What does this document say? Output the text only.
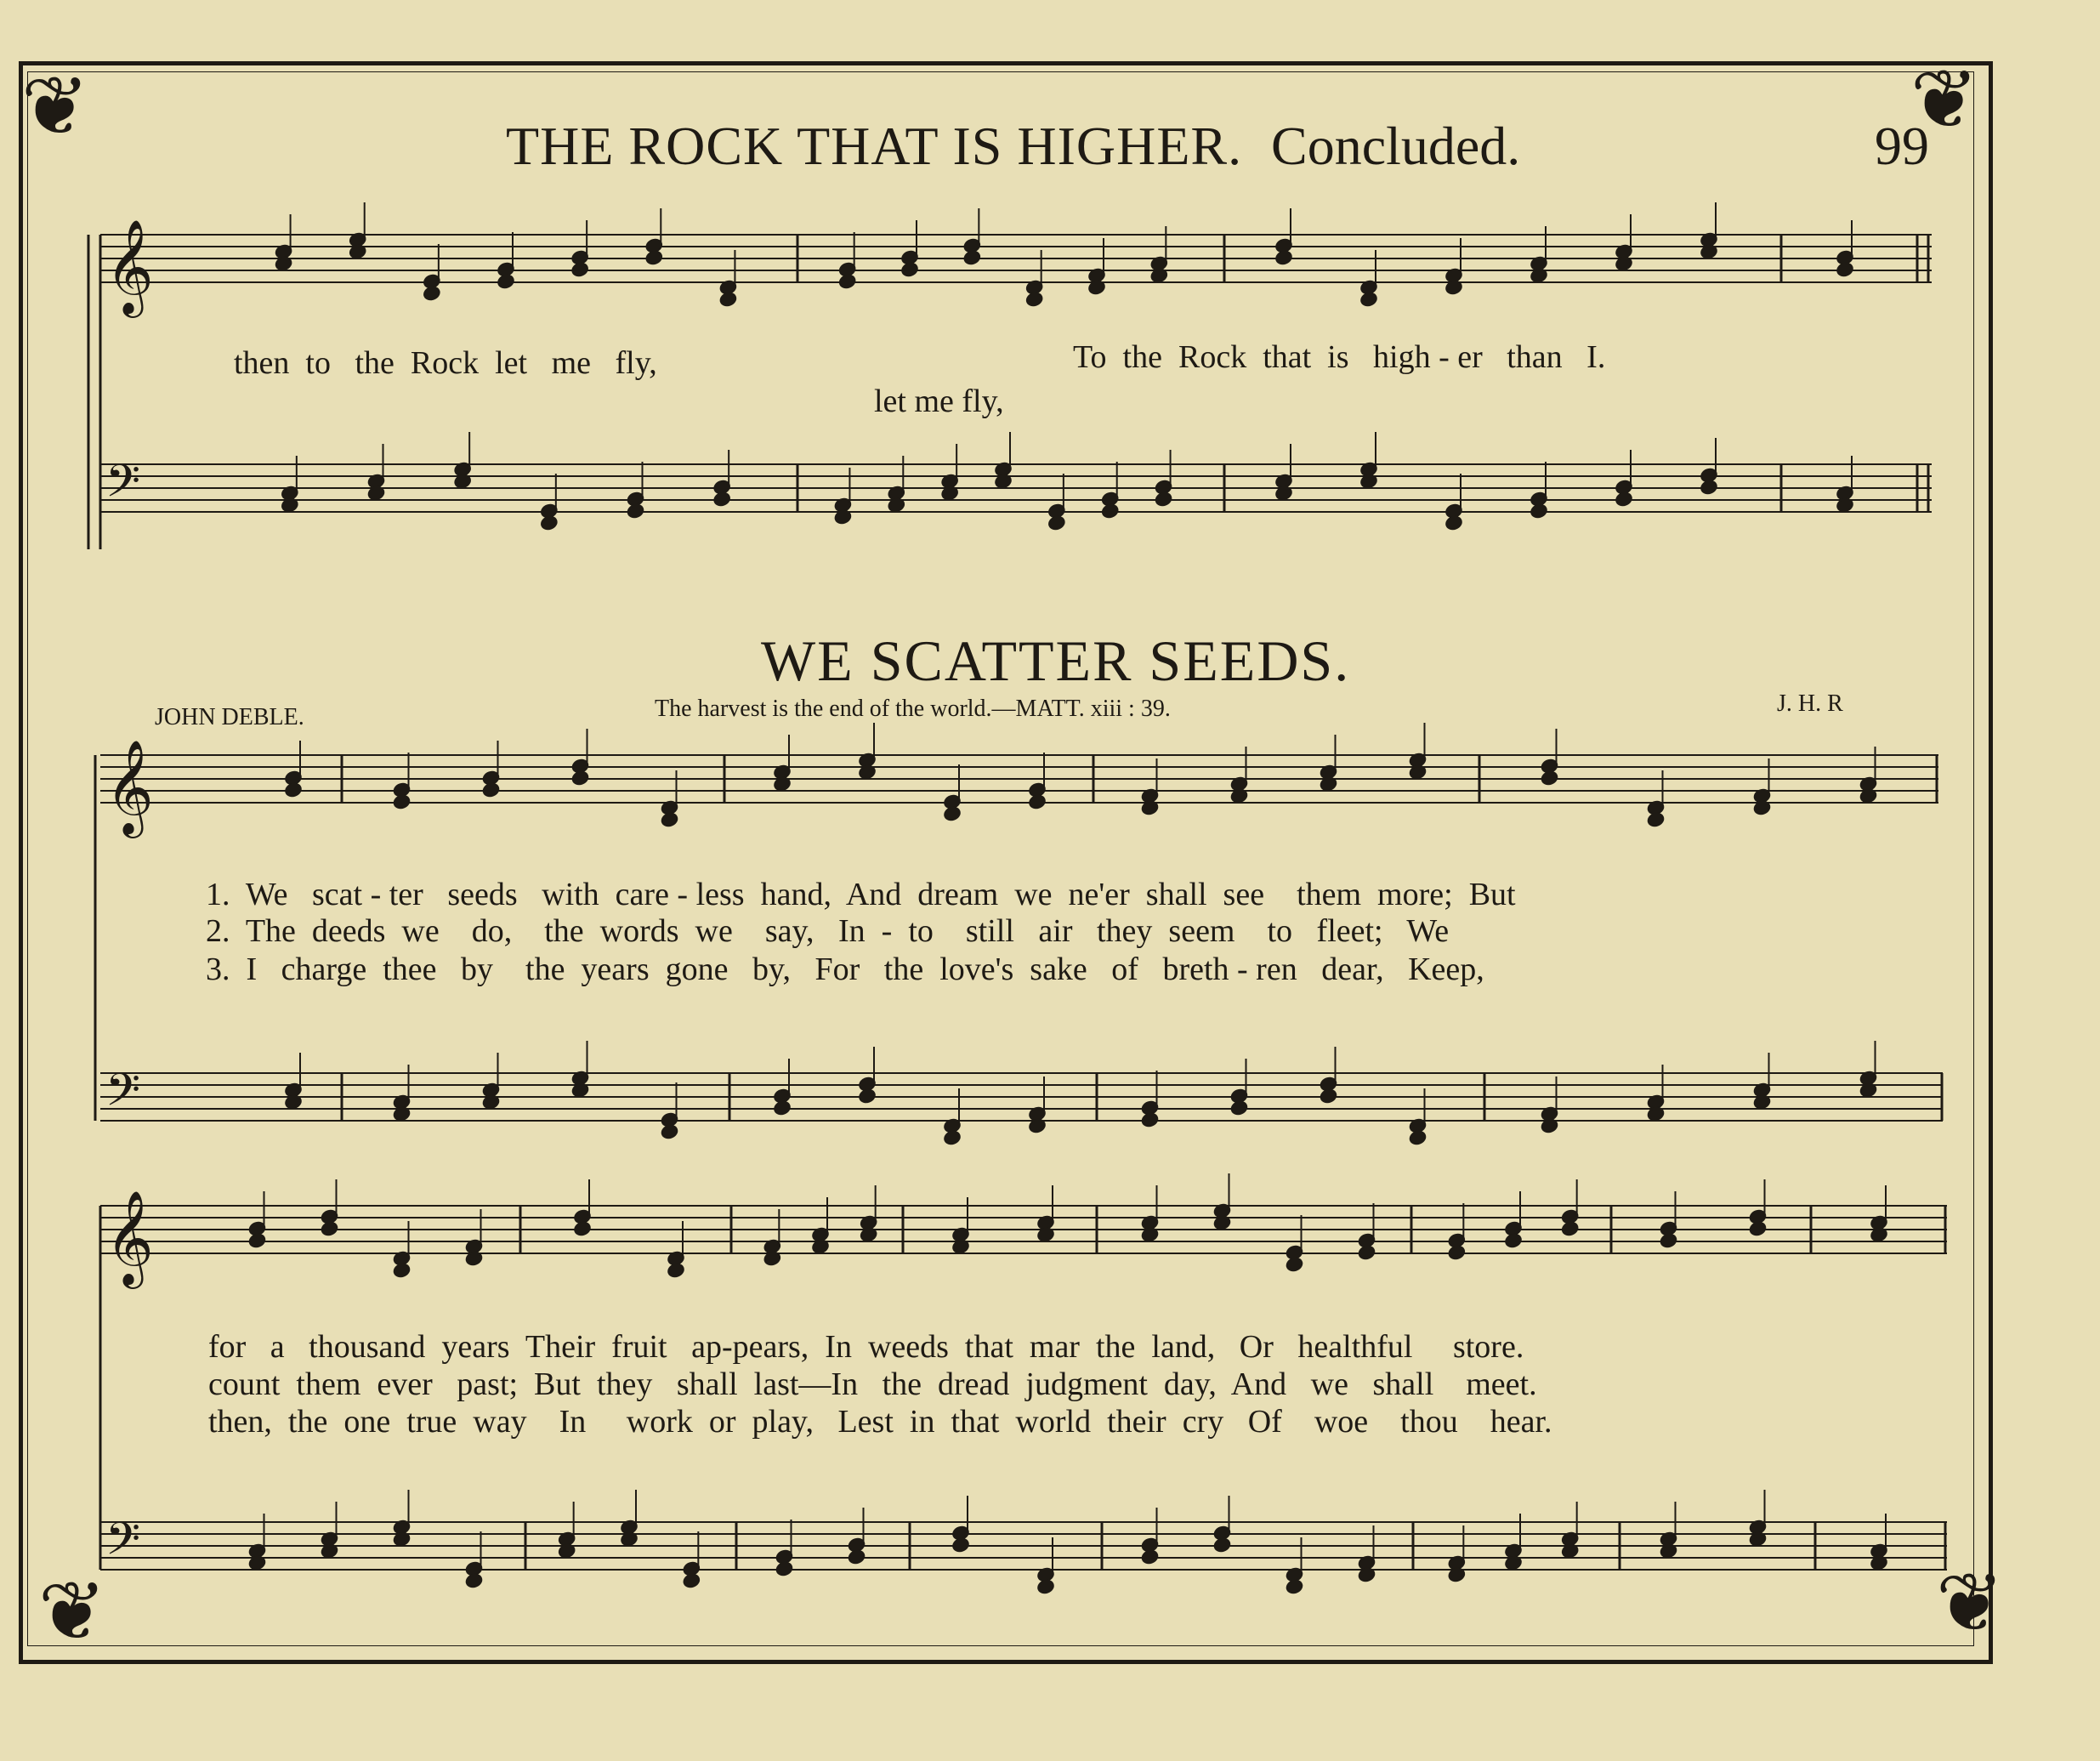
❦	❦
❦	❦
THE ROCK THAT IS HIGHER. Concluded.	99
WE SCATTER SEEDS.
JOHN DEBLE.	The harvest is the end of the world.—MATT. xiii : 39.	J. H. R
𝄞
𝄢
𝄞
𝄢
𝄞
𝄢
then  to   the  Rock  let   me   fly,	To  the  Rock  that  is   high - er   than   I.
let me fly,
1.  We   scat - ter   seeds   with  care - less  hand,  And  dream  we  ne'er  shall  see    them  more;  But
2.  The  deeds  we    do,    the  words  we    say,   In  -  to    still   air   they  seem    to   fleet;   We
3.  I   charge  thee   by    the  years  gone   by,   For   the  love's  sake   of   breth - ren   dear,   Keep,
for   a   thousand  years  Their  fruit   ap-pears,  In  weeds  that  mar  the  land,   Or   healthful     store.
count  them  ever   past;  But  they   shall  last—In   the  dread  judgment  day,  And   we   shall    meet.
then,  the  one  true  way    In     work  or  play,   Lest  in  that  world  their  cry   Of    woe    thou    hear.
